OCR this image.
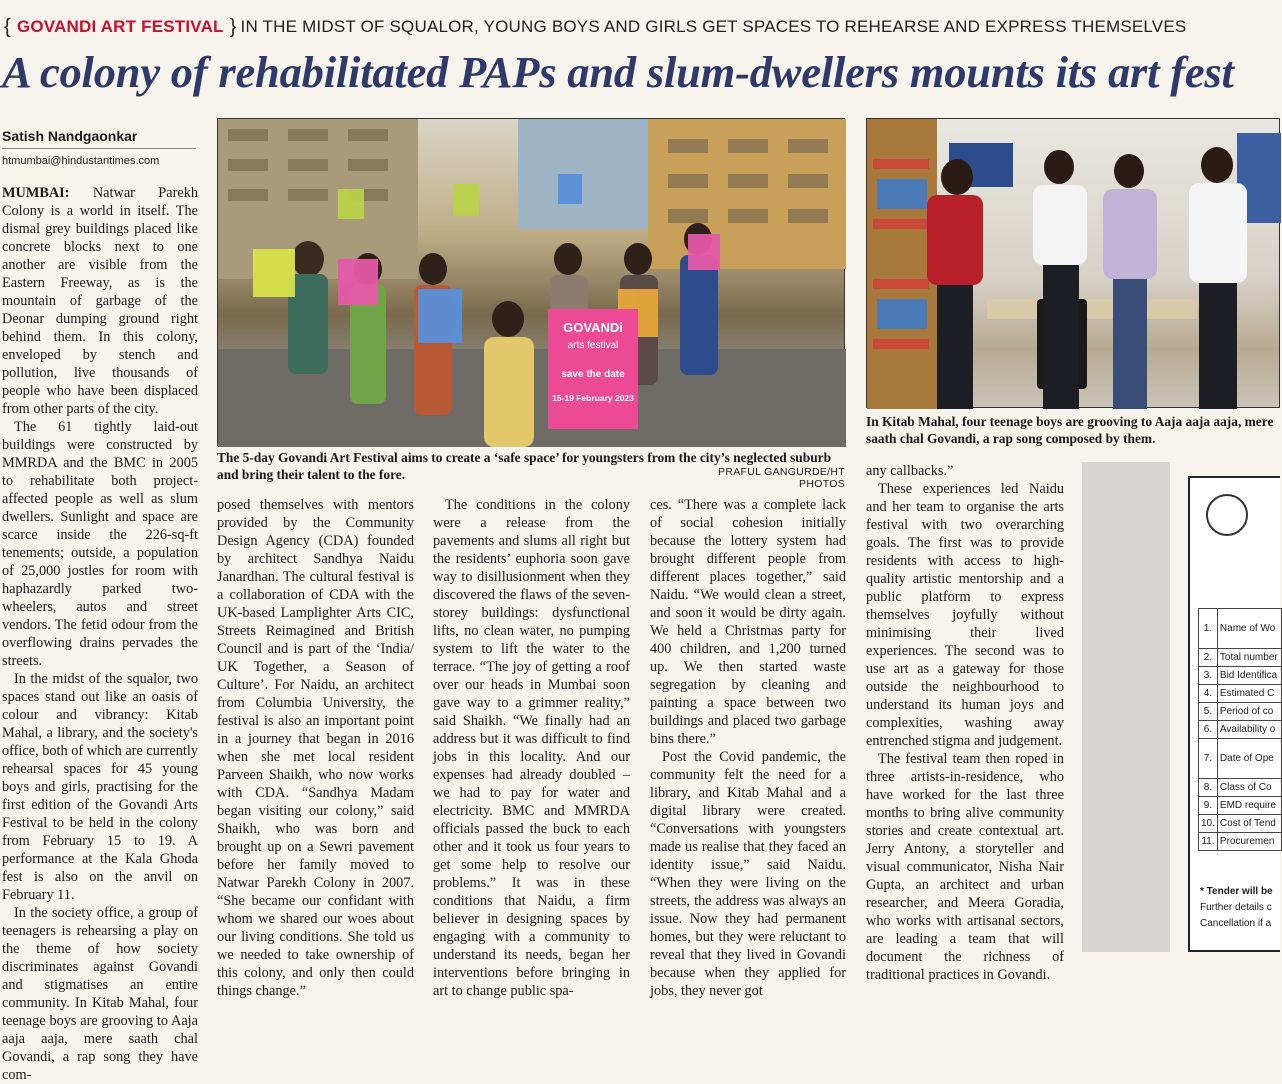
{ GOVANDI ART FESTIVAL } IN THE MIDST OF SQUALOR, YOUNG BOYS AND GIRLS GET SPACES TO REHEARSE AND EXPRESS THEMSELVES
A colony of rehabilitated PAPs and slum-dwellers mounts its art fest
Satish Nandgaonkar
htmumbai@hindustantimes.com

MUMBAI: Natwar Parekh Colony is a world in itself. The dismal grey buildings placed like concrete blocks next to one another are visible from the Eastern Freeway, as is the mountain of garbage of the Deonar dumping ground right behind them. In this colony, enveloped by stench and pollution, live thousands of people who have been displaced from other parts of the city.

The 61 tightly laid-out buildings were constructed by MMRDA and the BMC in 2005 to rehabilitate both project-affected people as well as slum dwellers. Sunlight and space are scarce inside the 226-sq-ft tenements; outside, a population of 25,000 jostles for room with haphazardly parked two-wheelers, autos and street vendors. The fetid odour from the overflowing drains pervades the streets.

In the midst of the squalor, two spaces stand out like an oasis of colour and vibrancy: Kitab Mahal, a library, and the society's office, both of which are currently rehearsal spaces for 45 young boys and girls, practising for the first edition of the Govandi Arts Festival to be held in the colony from February 15 to 19. A performance at the Kala Ghoda fest is also on the anvil on February 11.

In the society office, a group of teenagers is rehearsing a play on the theme of how society discriminates against Govandi and stigmatises an entire community. In Kitab Mahal, four teenage boys are grooving to Aaja aaja aaja, mere saath chal Govandi, a rap song they have com-

GOVANDi
arts festival
save the date
15-19 February 2023
The 5-day Govandi Art Festival aims to create a ‘safe space’ for youngsters from the city’s neglected suburb and bring their talent to the fore.	PRAFUL GANGURDE/HT PHOTOS
In Kitab Mahal, four teenage boys are grooving to Aaja aaja aaja, mere saath chal Govandi, a rap song composed by them.

posed themselves with mentors provided by the Community Design Agency (CDA) founded by architect Sandhya Naidu Janardhan. The cultural festival is a collaboration of CDA with the UK-based Lamplighter Arts CIC, Streets Reimagined and British Council and is part of the ‘India/ UK Together, a Season of Culture’. For Naidu, an architect from Columbia University, the festival is also an important point in a journey that began in 2016 when she met local resident Parveen Shaikh, who now works with CDA. “Sandhya Madam began visiting our colony,” said Shaikh, who was born and brought up on a Sewri pavement before her family moved to Natwar Parekh Colony in 2007. “She became our confidant with whom we shared our woes about our living conditions. She told us we needed to take ownership of this colony, and only then could things change.”

The conditions in the colony were a release from the pavements and slums all right but the residents’ euphoria soon gave way to disillusionment when they discovered the flaws of the seven-storey buildings: dysfunctional lifts, no clean water, no pumping system to lift the water to the terrace. “The joy of getting a roof over our heads in Mumbai soon gave way to a grimmer reality,” said Shaikh. “We finally had an address but it was difficult to find jobs in this locality. And our expenses had already doubled – we had to pay for water and electricity. BMC and MMRDA officials passed the buck to each other and it took us four years to get some help to resolve our problems.” It was in these conditions that Naidu, a firm believer in designing spaces by engaging with a community to understand its needs, began her interventions before bringing in art to change public spa-

ces. “There was a complete lack of social cohesion initially because the lottery system had brought different people from different places together,” said Naidu. “We would clean a street, and soon it would be dirty again. We held a Christmas party for 400 children, and 1,200 turned up. We then started waste segregation by cleaning and painting a space between two buildings and placed two garbage bins there.”

Post the Covid pandemic, the community felt the need for a library, and Kitab Mahal and a digital library were created. “Conversations with youngsters made us realise that they faced an identity issue,” said Naidu. “When they were living on the streets, the address was always an issue. Now they had permanent homes, but they were reluctant to reveal that they lived in Govandi because when they applied for jobs, they never got

any callbacks.”

These experiences led Naidu and her team to organise the arts festival with two overarching goals. The first was to provide residents with access to high-quality artistic mentorship and a public platform to express themselves joyfully without minimising their lived experiences. The second was to use art as a gateway for those outside the neighbourhood to understand its human joys and complexities, washing away entrenched stigma and judgement.

The festival team then roped in three artists-in-residence, who have worked for the last three months to bring alive community stories and create contextual art. Jerry Antony, a storyteller and visual communicator, Nisha Nair Gupta, an architect and urban researcher, and Meera Goradia, who works with artisanal sectors, are leading a team that will document the richness of traditional practices in Govandi.

1.	Name of Wo
2.	Total number
3.	Bid Identifica
4.	Estimated C
5.	Period of co
6.	Availability o
7.	Date of Ope
8.	Class of Co
9.	EMD require
10.	Cost of Tend
11.	Procuremen
* Tender will be
Further details c
Cancellation if a
